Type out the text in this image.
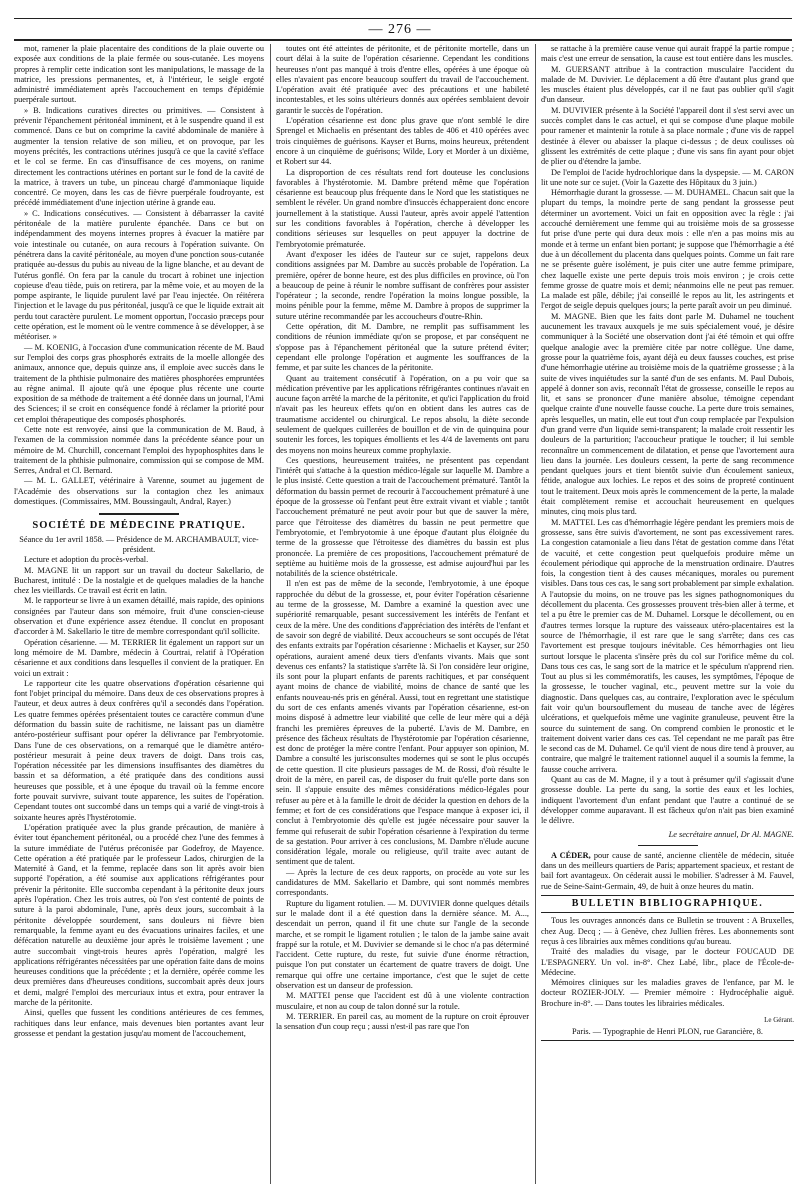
— 276 —

mot, ramener la plaie placentaire des conditions de la plaie ouverte ou exposée aux conditions de la plaie fermée ou sous-cutanée. Les moyens propres à remplir cette indication sont les manipulations, le massage de la matrice, les pressions permanentes, et, à l'intérieur, le seigle ergoté administré immédiatement après l'accouchement en temps d'épidémie puerpérale surtout.

» B. Indications curatives directes ou primitives. — Consistent à prévenir l'épanchement péritonéal imminent, et à le suspendre quand il est commencé. Dans ce but on comprime la cavité abdominale de manière à augmenter la tension relative de son milieu, et on provoque, par les moyens précités, les contractions utérines jusqu'à ce que la cavité s'efface et le col se ferme. En cas d'insuffisance de ces moyens, on ranime directement les contractions utérines en portant sur le fond de la cavité de la matrice, à travers un tube, un pinceau chargé d'ammoniaque liquide concentré. Ce moyen, dans les cas de fièvre puerpérale foudroyante, est précédé immédiatement d'une injection utérine à grande eau.

» C. Indications consécutives. — Consistent à débarrasser la cavité péritonéale de la matière purulente épanchée. Dans ce but on indépendamment des moyens internes propres à évacuer la matière par voie intestinale ou cutanée, on aura recours à l'opération suivante. On pénétrera dans la cavité péritonéale, au moyen d'une ponction sous-cutanée pratiquée au-dessus du pubis au niveau de la ligne blanche, et au devant de l'utérus gonflé. On fera par la canule du trocart à robinet une injection copieuse d'eau tiède, puis on retirera, par la même voie, et au moyen de la pompe aspirante, le liquide purulent lavé par l'eau injectée. On réitérera l'injection et le lavage du pus péritonéal, jusqu'à ce que le liquide extrait ait perdu tout caractère purulent. Le moment opportun, l'occasio præceps pour cette opération, est le moment où le ventre commence à se développer, à se météoriser. »

— M. KOENIG, à l'occasion d'une communication récente de M. Baud sur l'emploi des corps gras phosphorés extraits de la moelle allongée des animaux, annonce que, depuis quinze ans, il emploie avec succès dans le traitement de la phthisie pulmonaire des matières phosphorées empruntées au règne animal. Il ajoute qu'à une époque plus récente une courte exposition de sa méthode de traitement a été donnée dans un journal, l'Ami des Sciences; il se croit en conséquence fondé à réclamer la priorité pour cet emploi thérapeutique des composés phosphorés.

Cette note est renvoyée, ainsi que la communication de M. Baud, à l'examen de la commission nommée dans la précédente séance pour un mémoire de M. Churchill, concernant l'emploi des hypophosphites dans le traitement de la phthisie pulmonaire, commission qui se compose de MM. Serres, Andral et Cl. Bernard.

— M. L. GALLET, vétérinaire à Varenne, soumet au jugement de l'Académie des observations sur la contagion chez les animaux domestiques. (Commissaires, MM. Boussingault, Andral, Rayer.)

SOCIÉTÉ DE MÉDECINE PRATIQUE.

Séance du 1er avril 1858. — Présidence de M. ARCHAMBAULT, vice-président.

Lecture et adoption du procès-verbal.

M. MAGNE lit un rapport sur un travail du docteur Sakellario, de Bucharest, intitulé : De la nostalgie et de quelques maladies de la hanche chez les vieillards. Ce travail est écrit en latin.

M. le rapporteur se livre à un examen détaillé, mais rapide, des opinions consignées par l'auteur dans son mémoire, fruit d'une conscien-cieuse observation et d'une expérience assez étendue. Il conclut en proposant d'accorder à M. Sakellario le titre de membre correspondant qu'il sollicite.

Opération césarienne. — M. TERRIER lit également un rapport sur un long mémoire de M. Dambre, médecin à Courtrai, relatif à l'Opération césarienne et aux conditions dans lesquelles il convient de la pratiquer. En voici un extrait :

Le rapporteur cite les quatre observations d'opération césarienne qui font l'objet principal du mémoire. Dans deux de ces observations propres à l'auteur, et deux autres à deux confrères qu'il a secondés dans l'opération. Les quatre femmes opérées présentaient toutes ce caractère commun d'une déformation du bassin suite de rachitisme, ne laissant pas un diamètre antéro-postérieur suffisant pour opérer la délivrance par l'embryotomie. Dans l'une de ces observations, on a remarqué que le diamètre antéro-postérieur mesurait à peine deux travers de doigt. Dans trois cas, l'opération nécessitée par les dimensions insuffisantes des diamètres du bassin et sa déformation, a été pratiquée dans des conditions aussi heureuses que possible, et à une époque du travail où la femme encore forte pouvait survivre, suivant toute apparence, les suites de l'opération. Cependant toutes ont succombé dans un temps qui a varié de vingt-trois à soixante heures après l'hystérotomie.

L'opération pratiquée avec la plus grande précaution, de manière à éviter tout épanchement péritonéal, ou a procédé chez l'une des femmes à la suture immédiate de l'utérus préconisée par Godefroy, de Mayence. Cette opération a été pratiquée par le professeur Lados, chirurgien de la Maternité à Gand, et la femme, replacée dans son lit après avoir bien supporté l'opération, a été soumise aux applications réfrigérantes pour prévenir la péritonite. Elle succomba cependant à la péritonite deux jours après l'opération. Chez les trois autres, où l'on s'est contenté de points de suture à la paroi abdominale, l'une, après deux jours, succombait à la péritonite développée sourdement, sans douleurs ni fièvre bien remarquable, la femme ayant eu des évacuations urinaires faciles, et une défécation naturelle au deuxième jour après le troisième lavement ; une autre succombait vingt-trois heures après l'opération, malgré les applications réfrigérantes nécessitées par une opération faite dans de moins heureuses conditions que la précédente ; et la dernière, opérée comme les deux premières dans d'heureuses conditions, succombait après deux jours et demi, malgré l'emploi des mercuriaux intus et extra, pour entraver la marche de la péritonite.

Ainsi, quelles que fussent les conditions antérieures de ces femmes, rachitiques dans leur enfance, mais devenues bien portantes avant leur grossesse et pendant la gestation jusqu'au moment de l'accouchement,

toutes ont été atteintes de péritonite, et de péritonite mortelle, dans un court délai à la suite de l'opération césarienne. Cependant les conditions heureuses n'ont pas manqué à trois d'entre elles, opérées à une époque où elles n'avaient pas encore beaucoup souffert du travail de l'accouchement. L'opération avait été pratiquée avec des précautions et une habileté incontestables, et les soins ultérieurs donnés aux opérées semblaient devoir garantir le succès de l'opération.

L'opération césarienne est donc plus grave que n'ont semblé le dire Sprengel et Michaelis en présentant des tables de 406 et 410 opérées avec trois cinquièmes de guérisons. Kayser et Burns, moins heureux, prétendent encore à un cinquième de guérisons; Wilde, Lory et Morder à un dixième, et Robert sur 44.

La disproportion de ces résultats rend fort douteuse les conclusions favorables à l'hystérotomie. M. Dambre prétend même que l'opération césarienne est beaucoup plus fréquente dans le Nord que les statistiques ne semblent le révéler. Un grand nombre d'insuccès échapperaient donc encore journellement à la statistique. Aussi l'auteur, après avoir appelé l'attention sur les conditions favorables à l'opération, cherche à développer les conditions sérieuses sur lesquelles on peut appuyer la doctrine de l'embryotomie prématurée.

Avant d'exposer les idées de l'auteur sur ce sujet, rappelons deux conditions assignées par M. Dambre au succès probable de l'opération. La première, opérer de bonne heure, est des plus difficiles en province, où l'on a beaucoup de peine à réunir le nombre suffisant de confrères pour assister l'opérateur ; la seconde, rendre l'opération la moins longue possible, la moins pénible pour la femme, même M. Dambre à propos de supprimer la suture utérine recommandée par les accoucheurs d'outre-Rhin.

Cette opération, dit M. Dambre, ne remplit pas suffisamment les conditions de réunion immédiate qu'on se propose, et par conséquent ne s'oppose pas à l'épanchement péritonéal que la suture prétend éviter; cependant elle prolonge l'opération et augmente les souffrances de la femme, et par suite les chances de la péritonite.

Quant au traitement consécutif à l'opération, on a pu voir que sa médication préventive par les applications réfrigérantes continues n'avait en aucune façon arrêté la marche de la péritonite, et qu'ici l'application du froid n'avait pas les heureux effets qu'on en obtient dans les autres cas de traumatisme accidentel ou chirurgical. Le repos absolu, la diète seconde seulement de quelques cuillerées de bouillon et de vin de quinquina pour soutenir les forces, les topiques émollients et les 4/4 de lavements ont paru des moyens non moins heureux comme prophylaxie.

Ces questions, heureusement traitées, ne présentent pas cependant l'intérêt qui s'attache à la question médico-légale sur laquelle M. Dambre a le plus insisté. Cette question a trait de l'accouchement prématuré. Tantôt la déformation du bassin permet de recourir à l'accouchement prématuré à une époque de la grossesse où l'enfant peut être extrait vivant et viable ; tantôt l'accouchement prématuré ne peut avoir pour but que de sauver la mère, parce que l'étroitesse des diamètres du bassin ne peut permettre que l'embryotomie, et l'embryotomie à une époque d'autant plus éloignée du terme de la grossesse que l'étroitesse des diamètres du bassin est plus prononcée. La première de ces propositions, l'accouchement prématuré de septième au huitième mois de la grossesse, est admise aujourd'hui par les notabilités de la science obstétricale.

Il n'en est pas de même de la seconde, l'embryotomie, à une époque rapprochée du début de la grossesse, et, pour éviter l'opération césarienne au terme de la grossesse, M. Dambre a examiné la question avec une supériorité remarquable, pesant successivement les intérêts de l'enfant et ceux de la mère. Une des conditions d'appréciation des intérêts de l'enfant et de savoir son degré de viabilité. Deux accoucheurs se sont occupés de l'état des enfants extraits par l'opération césarienne : Michaelis et Kayser, sur 250 opérations, auraient amené deux tiers d'enfants vivants. Mais que sont devenus ces enfants? la statistique s'arrête là. Si l'on considère leur origine, ils sont pour la plupart enfants de parents rachitiques, et par conséquent ayant moins de chance de viabilité, moins de chance de santé que les enfants nouveau-nés pris en général. Aussi, tout en regrettant une statistique du sort de ces enfants amenés vivants par l'opération césarienne, est-on moins disposé à admettre leur viabilité que celle de leur mère qui a déjà franchi les premières épreuves de la puberté. L'avis de M. Dambre, en présence des fâcheux résultats de l'hystérotomie par l'opération césarienne, est donc de protéger la mère contre l'enfant. Pour appuyer son opinion, M. Dambre a consulté les jurisconsultes modernes qui se sont le plus occupés de cette question. Il cite plusieurs passages de M. de Rossi, d'où résulte le droit de la mère, en pareil cas, de disposer du fruit qu'elle porte dans son sein. Il s'appuie ensuite des mêmes considérations médico-légales pour refuser au père et à la famille le droit de décider la question en dehors de la femme; et fort de ces considérations que l'espace manque à exposer ici, il conclut à l'embryotomie dès qu'elle est jugée nécessaire pour sauver la femme qui refuserait de subir l'opération césarienne à l'expiration du terme de sa gestation. Pour arriver à ces conclusions, M. Dambre n'élude aucune considération légale, morale ou religieuse, qu'il traite avec autant de sentiment que de talent.

— Après la lecture de ces deux rapports, on procède au vote sur les candidatures de MM. Sakellario et Dambre, qui sont nommés membres correspondants.

Rupture du ligament rotulien. — M. DUVIVIER donne quelques détails sur le malade dont il a été question dans la dernière séance. M. A..., descendait un perron, quand il fit une chute sur l'angle de la seconde marche, et se rompit le ligament rotulien ; le talon de la jambe saine avait frappé sur la rotule, et M. Duvivier se demande si le choc n'a pas déterminé l'accident. Cette rupture, du reste, fut suivie d'une énorme rétraction, puisque l'on put constater un écartement de quatre travers de doigt. Une remarque qui offre une certaine importance, c'est que le sujet de cette observation est un danseur de profession.

M. MATTEI pense que l'accident est dû à une violente contraction musculaire, et non au coup de talon donné sur la rotule.

M. TERRIER. En pareil cas, au moment de la rupture on croit éprouver la sensation d'un coup reçu ; aussi n'est-il pas rare que l'on

se rattache à la première cause venue qui aurait frappé la partie rompue ; mais c'est une erreur de sensation, la cause est tout entière dans les muscles.

M. GUERSANT attribue à la contraction musculaire l'accident du malade de M. Duvivier. Le déplacement a dû être d'autant plus grand que les muscles étaient plus développés, car il ne faut pas oublier qu'il s'agit d'un danseur.

M. DUVIVIER présente à la Société l'appareil dont il s'est servi avec un succès complet dans le cas actuel, et qui se compose d'une plaque mobile pour ramener et maintenir la rotule à sa place normale ; d'une vis de rappel destinée à élever ou abaisser la plaque ci-dessus ; de deux coulisses où glissent les extrémités de cette plaque ; d'une vis sans fin ayant pour objet de plier ou d'étendre la jambe.

De l'emploi de l'acide hydrochlorique dans la dyspepsie. — M. CARON lit une note sur ce sujet. (Voir la Gazette des Hôpitaux du 3 juin.)

Hémorrhagie durant la grossesse. — M. DUHAMEL. Chacun sait que la plupart du temps, la moindre perte de sang pendant la grossesse peut déterminer un avortement. Voici un fait en opposition avec la règle : j'ai accouché dernièrement une femme qui au troisième mois de sa grossesse fut prise d'une perte qui dura deux mois : elle n'en a pas moins mis au monde et à terme un enfant bien portant; je suppose que l'hémorrhagie a été due à un décollement du placenta dans quelques points. Comme un fait rare ne se présente guère isolément, je puis citer une autre femme primipare, chez laquelle existe une perte depuis trois mois environ ; je crois cette femme grosse de quatre mois et demi; néanmoins elle ne peut pas remuer. La malade est pâle, débile; j'ai conseillé le repos au lit, les astringents et l'ergot de seigle depuis quelques jours; la perte paraît avoir un peu diminué.

M. MAGNE. Bien que les faits dont parle M. Duhamel ne touchent aucunement les travaux auxquels je me suis spécialement voué, je désire communiquer à la Société une observation dont j'ai été témoin et qui offre quelque analogie avec la première citée par notre collègue. Une dame, grosse pour la quatrième fois, ayant déjà eu deux fausses couches, est prise d'une hémorrhagie utérine au troisième mois de la quatrième grossesse ; à la suite de vives inquiétudes sur la santé d'un de ses enfants. M. Paul Dubois, appelé à donner son avis, reconnaît l'état de grossesse, conseille le repos au lit, et sans se prononcer d'une manière absolue, témoigne cependant quelque crainte d'une nouvelle fausse couche. La perte dure trois semaines, après lesquelles, un matin, elle eut tout d'un coup remplacée par l'expulsion d'un grand verre d'un liquide semi-transparent; la malade croit ressentir les douleurs de la parturition; l'accoucheur pratique le toucher; il lui semble reconnaître un commencement de dilatation, et pense que l'avortement aura lieu dans la journée. Les douleurs cessent, la perte de sang recommence pendant quelques jours et tient bientôt suivie d'un écoulement sanieux, fétide, analogue aux lochies. Le repos et des soins de propreté continuent tout le traitement. Deux mois après le commencement de la perte, la malade était complètement remise et accouchait heureusement en quelques minutes, cinq mois plus tard.

M. MATTEI. Les cas d'hémorrhagie légère pendant les premiers mois de grossesse, sans être suivis d'avortement, ne sont pas excessivement rares. La congestion catamoniale a lieu dans l'état de gestation comme dans l'état de vacuité, et cette congestion peut quelquefois produire même un écoulement périodique qui approche de la menstruation ordinaire. D'autres fois, la congestion tient à des causes mécaniques, morales ou purement visibles. Dans tous ces cas, le sang sort probablement par simple exhalation. A l'autopsie du moins, on ne trouve pas les signes pathognomoniques du décollement du placenta. Ces grossesses prouvent très-bien aller à terme, et tel a pu être le premier cas de M. Duhamel. Lorsque le décollement, ou en d'autres termes lorsque la rupture des vaisseaux utéro-placentaires est la source de l'hémorrhagie, il est rare que le sang s'arrête; dans ces cas l'avortement est presque toujours inévitable. Ces hémorrhagies ont lieu surtout lorsque le placenta s'insère près du col sur l'orifice même du col. Dans tous ces cas, le sang sort de la matrice et le spéculum n'apprend rien. Tout au plus si les commémoratifs, les causes, les symptômes, l'époque de la grossesse, le toucher vaginal, etc., peuvent mettre sur la voie du diagnostic. Dans quelques cas, au contraire, l'exploration avec le spéculum fait voir qu'un boursouflement du museau de tanche avec de légères ulcérations, et quelquefois même une vaginite granuleuse, peuvent être la source du suintement de sang. On comprend combien le pronostic et le traitement doivent varier dans ces cas. Tel cependant ne me paraît pas être le second cas de M. Duhamel. Ce qu'il vient de nous dire tend à prouver, au contraire, que malgré le traitement rationnel auquel il a soumis la femme, la fausse couche arrivera.

Quant au cas de M. Magne, il y a tout à présumer qu'il s'agissait d'une grossesse double. La perte du sang, la sortie des eaux et les lochies, indiquent l'avortement d'un enfant pendant que l'autre a continué de se développer comme auparavant. Il est fâcheux qu'on n'ait pas bien examiné le délivre.

Le secrétaire annuel, Dr Al. MAGNE.

A CÉDER, pour cause de santé, ancienne clientèle de médecin, située dans un des meilleurs quartiers de Paris; appartement spacieux, et restant de bail fort avantageux. On céderait aussi le mobilier. S'adresser à M. Fauvel, rue de Seine-Saint-Germain, 49, de huit à onze heures du matin.

BULLETIN BIBLIOGRAPHIQUE.

Tous les ouvrages annoncés dans ce Bulletin se trouvent : A Bruxelles, chez Aug. Decq ; — à Genève, chez Jullien frères. Les abonnements sont reçus à ces librairies aux mêmes conditions qu'au bureau.

Traité des maladies du visage, par le docteur FOUCAUD DE L'ESPAGNERY. Un vol. in-8°. Chez Labé, libr., place de l'École-de-Médecine.

Mémoires cliniques sur les maladies graves de l'enfance, par M. le docteur ROZIER-JOLY. — Premier mémoire : Hydrocéphalie aiguë. Brochure in-8°. — Dans toutes les librairies médicales.

Le Gérant.

Paris. — Typographie de Henri PLON, rue Garancière, 8.
